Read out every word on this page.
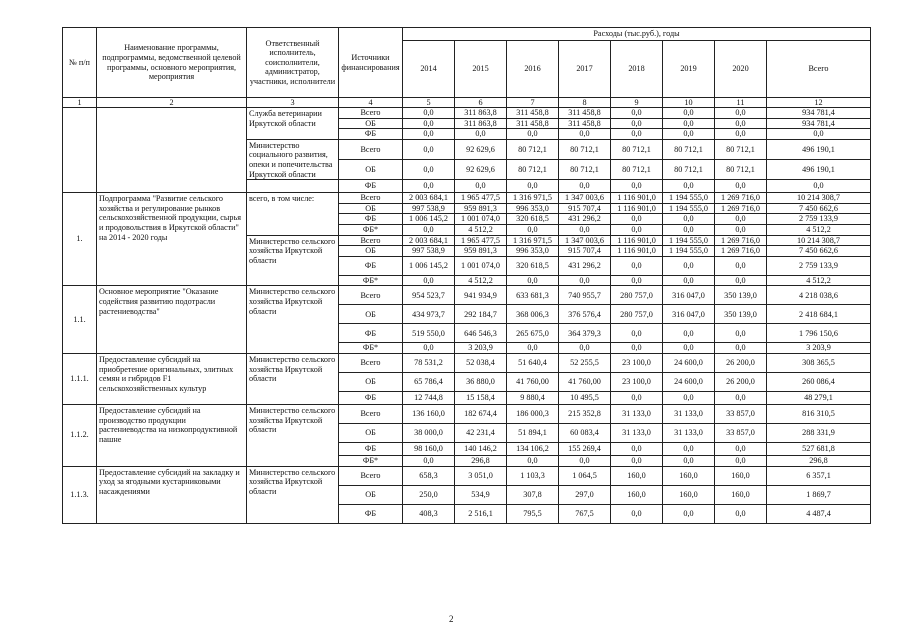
№ п/п	Наименование программы, подпрограммы, ведомственной целевой программы, основного мероприятия, мероприятия	Ответственный исполнитель, соисполнители, администратор, участники, исполнители	Источники финансирования	Расходы (тыс.руб.), годы							
				2014	2015	2016	2017	2018	2019	2020	Всего
1	2	3	4	5	6	7	8	9	10	11	12
		Служба ветеринарии Иркутской области	Всего	0,0	311 863,8	311 458,8	311 458,8	0,0	0,0	0,0	934 781,4
			ОБ	0,0	311 863,8	311 458,8	311 458,8	0,0	0,0	0,0	934 781,4
			ФБ	0,0	0,0	0,0	0,0	0,0	0,0	0,0	0,0
		Министерство социального развития, опеки и попечительства Иркутской области	Всего	0,0	92 629,6	80 712,1	80 712,1	80 712,1	80 712,1	80 712,1	496 190,1
			ОБ	0,0	92 629,6	80 712,1	80 712,1	80 712,1	80 712,1	80 712,1	496 190,1
			ФБ	0,0	0,0	0,0	0,0	0,0	0,0	0,0	0,0
1.	Подпрограмма "Развитие сельского хозяйства и регулирование рынков сельскохозяйственной продукции, сырья и продовольствия в Иркутской области" на 2014 - 2020 годы	всего, в том числе:	Всего	2 003 684,1	1 965 477,5	1 316 971,5	1 347 003,6	1 116 901,0	1 194 555,0	1 269 716,0	10 214 308,7
			ОБ	997 538,9	959 891,3	996 353,0	915 707,4	1 116 901,0	1 194 555,0	1 269 716,0	7 450 662,6
			ФБ	1 006 145,2	1 001 074,0	320 618,5	431 296,2	0,0	0,0	0,0	2 759 133,9
			ФБ*	0,0	4 512,2	0,0	0,0	0,0	0,0	0,0	4 512,2
		Министерство сельского хозяйства Иркутской области	Всего	2 003 684,1	1 965 477,5	1 316 971,5	1 347 003,6	1 116 901,0	1 194 555,0	1 269 716,0	10 214 308,7
			ОБ	997 538,9	959 891,3	996 353,0	915 707,4	1 116 901,0	1 194 555,0	1 269 716,0	7 450 662,6
			ФБ	1 006 145,2	1 001 074,0	320 618,5	431 296,2	0,0	0,0	0,0	2 759 133,9
			ФБ*	0,0	4 512,2	0,0	0,0	0,0	0,0	0,0	4 512,2
1.1.	Основное мероприятие "Оказание содействия развитию подотрасли растениеводства"	Министерство сельского хозяйства Иркутской области	Всего	954 523,7	941 934,9	633 681,3	740 955,7	280 757,0	316 047,0	350 139,0	4 218 038,6
			ОБ	434 973,7	292 184,7	368 006,3	376 576,4	280 757,0	316 047,0	350 139,0	2 418 684,1
			ФБ	519 550,0	646 546,3	265 675,0	364 379,3	0,0	0,0	0,0	1 796 150,6
			ФБ*	0,0	3 203,9	0,0	0,0	0,0	0,0	0,0	3 203,9
1.1.1.	Предоставление субсидий на приобретение оригинальных, элитных семян и гибридов F1 сельскохозяйственных культур	Министерство сельского хозяйства Иркутской области	Всего	78 531,2	52 038,4	51 640,4	52 255,5	23 100,0	24 600,0	26 200,0	308 365,5
			ОБ	65 786,4	36 880,0	41 760,00	41 760,00	23 100,0	24 600,0	26 200,0	260 086,4
			ФБ	12 744,8	15 158,4	9 880,4	10 495,5	0,0	0,0	0,0	48 279,1
1.1.2.	Предоставление субсидий на производство продукции растениеводства на низкопродуктивной пашне	Министерство сельского хозяйства Иркутской области	Всего	136 160,0	182 674,4	186 000,3	215 352,8	31 133,0	31 133,0	33 857,0	816 310,5
			ОБ	38 000,0	42 231,4	51 894,1	60 083,4	31 133,0	31 133,0	33 857,0	288 331,9
			ФБ	98 160,0	140 146,2	134 106,2	155 269,4	0,0	0,0	0,0	527 681,8
			ФБ*	0,0	296,8	0,0	0,0	0,0	0,0	0,0	296,8
1.1.3.	Предоставление субсидий на закладку и уход за ягодными кустарниковыми насаждениями	Министерство сельского хозяйства Иркутской области	Всего	658,3	3 051,0	1 103,3	1 064,5	160,0	160,0	160,0	6 357,1
			ОБ	250,0	534,9	307,8	297,0	160,0	160,0	160,0	1 869,7
			ФБ	408,3	2 516,1	795,5	767,5	0,0	0,0	0,0	4 487,4
2
